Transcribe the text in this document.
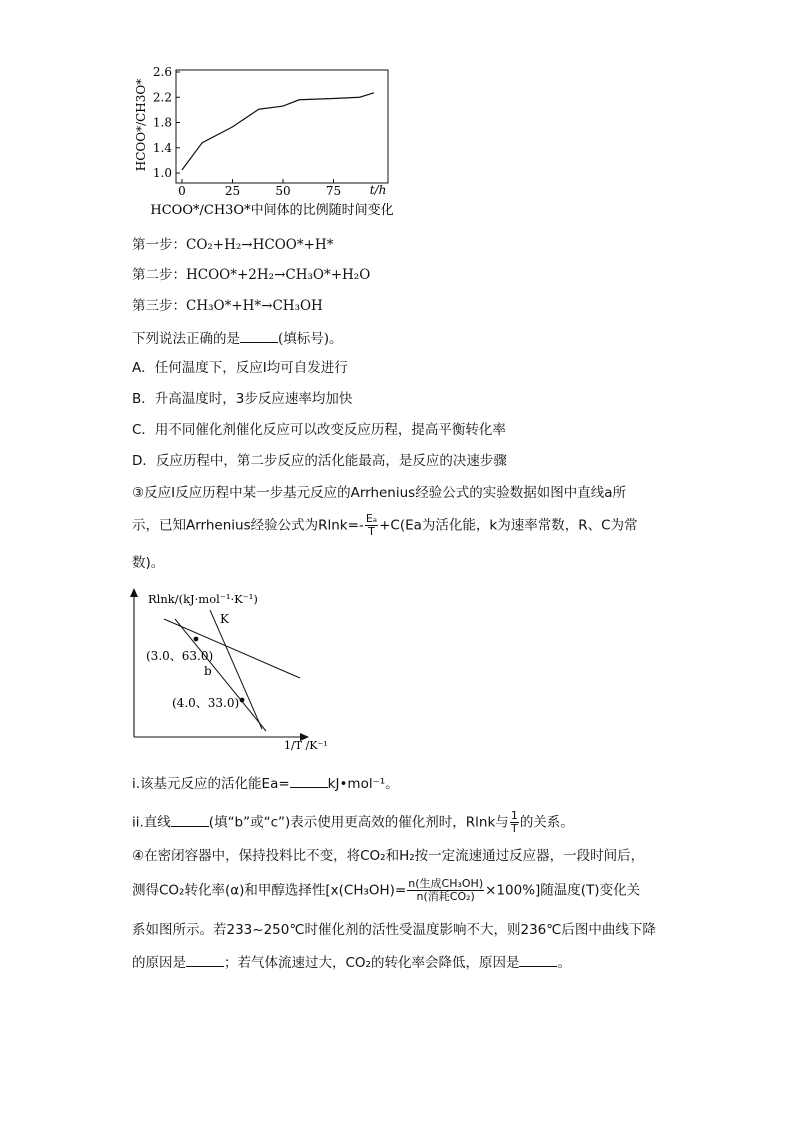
1.0
1.4
1.8
2.2
2.6
0	25	50	75
HCOO*/CH3O*
t/h
HCOO*/CH3O*中间体的比例随时间变化
第一步：CO₂+H₂→HCOO*+H*
第二步：HCOO*+2H₂→CH₃O*+H₂O
第三步：CH₃O*+H*→CH₃OH
下列说法正确的是	(填标号)。
A．任何温度下，反应Ⅰ均可自发进行
B．升高温度时，3步反应速率均加快
C．用不同催化剂催化反应可以改变反应历程，提高平衡转化率
D．反应历程中，第二步反应的活化能最高，是反应的决速步骤
③反应Ⅰ反应历程中某一步基元反应的Arrhenius经验公式的实验数据如图中直线a所
示，已知Arrhenius经验公式为$Rlnk=- \frac{\text{Eₐ}}{T} +C(Ea$为活化能，k为速率常数，R、C为常
数)。
Rlnk/(kJ·mol⁻¹·K⁻¹)
1/T /K⁻¹
K
b
(3.0、63.0)
(4.0、33.0)
i.该基元反应的活化能Ea=	kJ•mol⁻¹。
ii.直线	(填“b”或“c”)表示使用更高效的催化剂时，Rlnk与 $\frac{1}{T}$ 的关系。
④在密闭容器中，保持投料比不变，将CO₂和H₂按一定流速通过反应器，一段时间后，
测得CO₂转化率(α)和甲醇选择性$[x(CH_3OH)= \frac{\text{n(生成CH₃OH)}}{\text{n(消耗CO₂)}} \times 100\%]$随温度(T)变化关
系如图所示。若233~250℃时催化剂的活性受温度影响不大，则236℃后图中曲线下降
的原因是	；若气体流速过大，CO₂的转化率会降低，原因是	。
